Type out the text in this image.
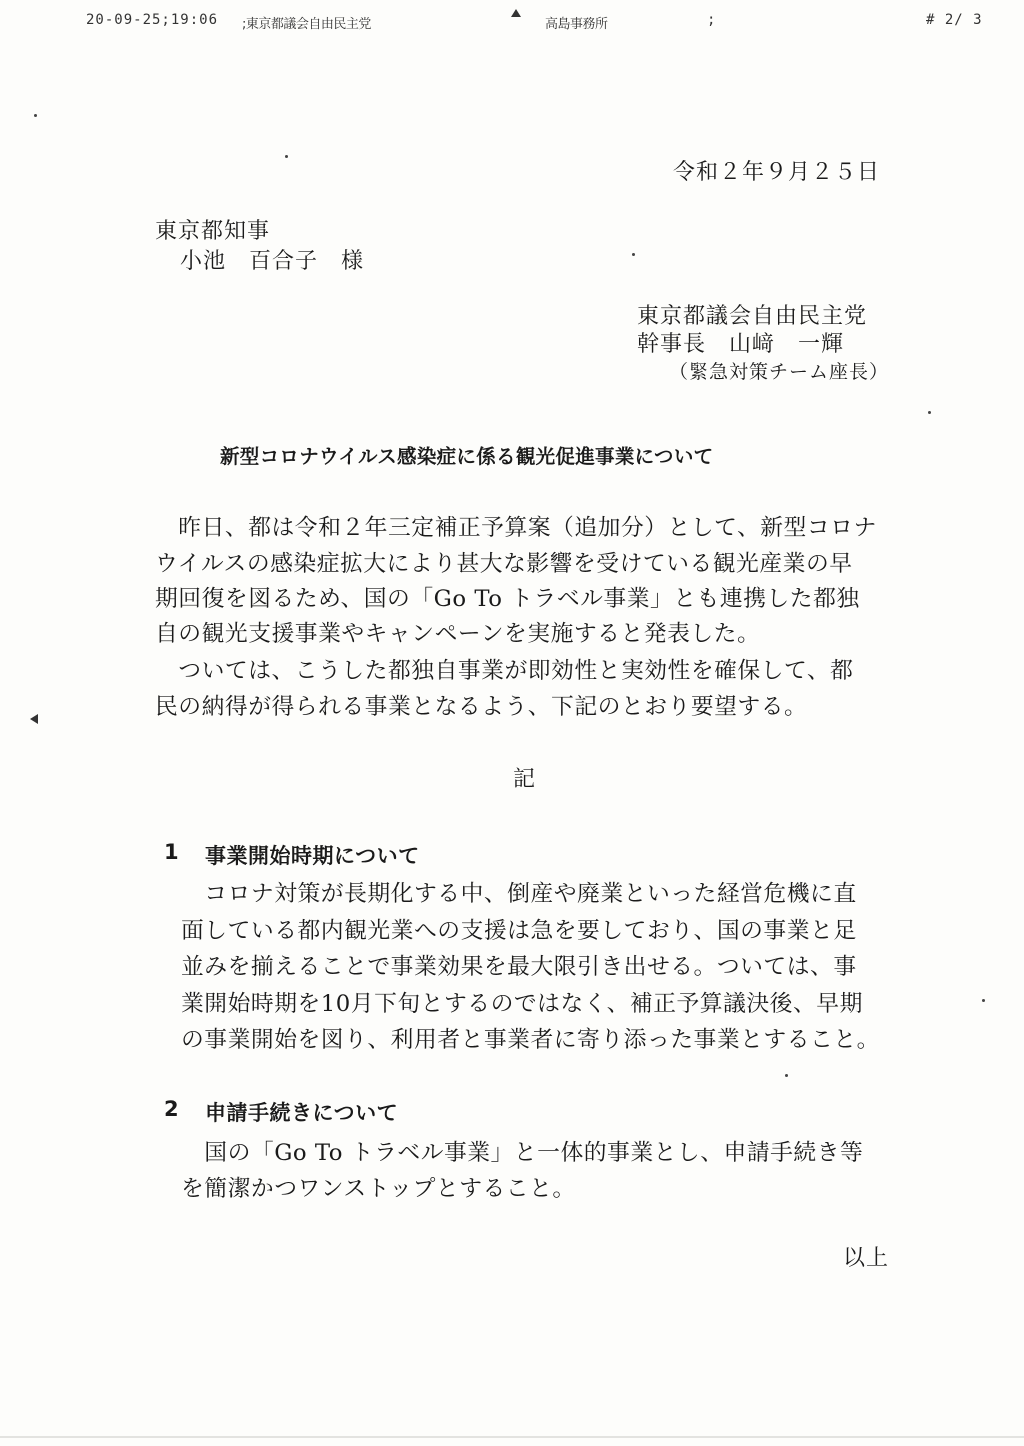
20-09-25;19:06 ;東京都議会自由民主党	高島事務所	;	# 2/ 3
令和２年９月２５日
東京都知事
小池　百合子　様
東京都議会自由民主党
幹事長　山﨑　一輝
（緊急対策チーム座長）
新型コロナウイルス感染症に係る観光促進事業について
　昨日、都は令和２年三定補正予算案（追加分）として、新型コロナ
ウイルスの感染症拡大により甚大な影響を受けている観光産業の早
期回復を図るため、国の「Go To トラベル事業」とも連携した都独
自の観光支援事業やキャンペーンを実施すると発表した。
　ついては、こうした都独自事業が即効性と実効性を確保して、都
民の納得が得られる事業となるよう、下記のとおり要望する。
記
1 事業開始時期について
　コロナ対策が長期化する中、倒産や廃業といった経営危機に直
面している都内観光業への支援は急を要しており、国の事業と足
並みを揃えることで事業効果を最大限引き出せる。ついては、事
業開始時期を10月下旬とするのではなく、補正予算議決後、早期
の事業開始を図り、利用者と事業者に寄り添った事業とすること。
2 申請手続きについて
　国の「Go To トラベル事業」と一体的事業とし、申請手続き等
を簡潔かつワンストップとすること。
以上
